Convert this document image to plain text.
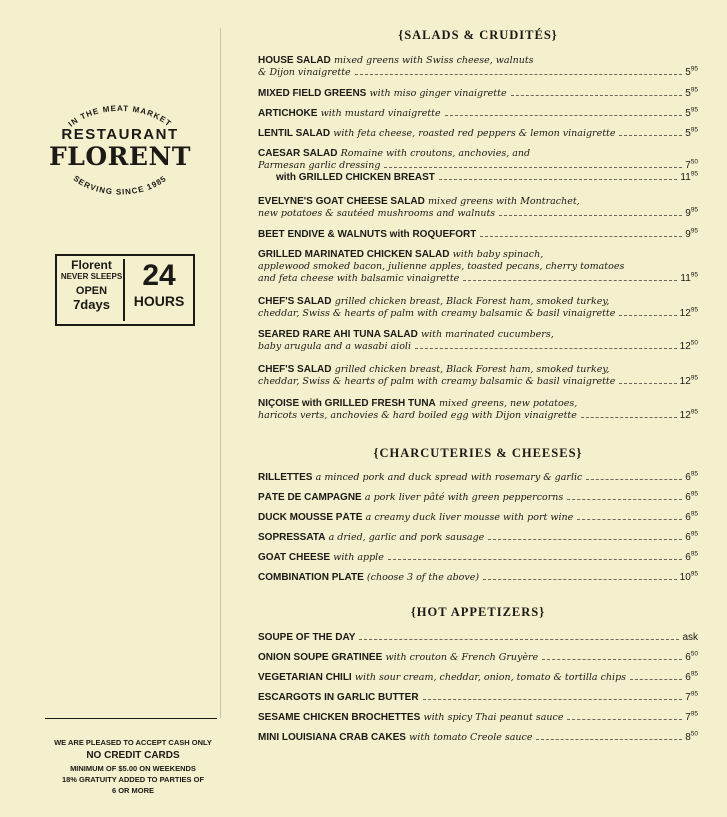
IN THE MEAT MARKET
SERVING SINCE 1985
RESTAURANT
FLORENT
Florent
NEVER SLEEPS
OPEN
7days
24
HOURS
WE ARE PLEASED TO ACCEPT CASH ONLY
NO CREDIT CARDS
MINIMUM OF $5.00 ON WEEKENDS
18% GRATUITY ADDED TO PARTIES OF
6 OR MORE
{SALADS & CRUDITÉS}
HOUSE SALAD mixed greens with Swiss cheese, walnuts
& Dijon vinaigrette	$5^{95}$
MIXED FIELD GREENS with miso ginger vinaigrette	$5^{95}$
ARTICHOKE with mustard vinaigrette	$5^{95}$
LENTIL SALAD with feta cheese, roasted red peppers & lemon vinaigrette	$5^{95}$
CAESAR SALAD Romaine with croutons, anchovies, and
Parmesan garlic dressing	$7^{50}$
with GRILLED CHICKEN BREAST	$11^{95}$
EVELYNE'S GOAT CHEESE SALAD mixed greens with Montrachet,
new potatoes & sautéed mushrooms and walnuts	$9^{95}$
BEET ENDIVE & WALNUTS with ROQUEFORT	$9^{95}$
GRILLED MARINATED CHICKEN SALAD with baby spinach,
applewood smoked bacon, julienne apples, toasted pecans, cherry tomatoes
and feta cheese with balsamic vinaigrette	$11^{95}$
CHEF'S SALAD grilled chicken breast, Black Forest ham, smoked turkey,
cheddar, Swiss & hearts of palm with creamy balsamic & basil vinaigrette	$12^{95}$
SEARED RARE AHI TUNA SALAD with marinated cucumbers,
baby arugula and a wasabi aioli	$12^{50}$
CHEF'S SALAD grilled chicken breast, Black Forest ham, smoked turkey,
cheddar, Swiss & hearts of palm with creamy balsamic & basil vinaigrette	$12^{95}$
NIÇOISE with GRILLED FRESH TUNA mixed greens, new potatoes,
haricots verts, anchovies & hard boiled egg with Dijon vinaigrette	$12^{95}$
{CHARCUTERIES & CHEESES}
RILLETTES a minced pork and duck spread with rosemary & garlic	$6^{95}$
PÂTÉ DE CAMPAGNE a pork liver pâté with green peppercorns	$6^{95}$
DUCK MOUSSE PÂTÉ a creamy duck liver mousse with port wine	$6^{95}$
SOPRESSATA a dried, garlic and pork sausage	$6^{95}$
GOAT CHEESE with apple	$6^{95}$
COMBINATION PLATE (choose 3 of the above)	$10^{95}$
{HOT APPETIZERS}
SOUPE OF THE DAY	ask
ONION SOUPE GRATINÉE with crouton & French Gruyère	$6^{50}$
VEGETARIAN CHILI with sour cream, cheddar, onion, tomato & tortilla chips	$6^{95}$
ESCARGOTS IN GARLIC BUTTER	$7^{95}$
SESAME CHICKEN BROCHETTES with spicy Thai peanut sauce	$7^{95}$
MINI LOUISIANA CRAB CAKES with tomato Creole sauce	$8^{50}$
